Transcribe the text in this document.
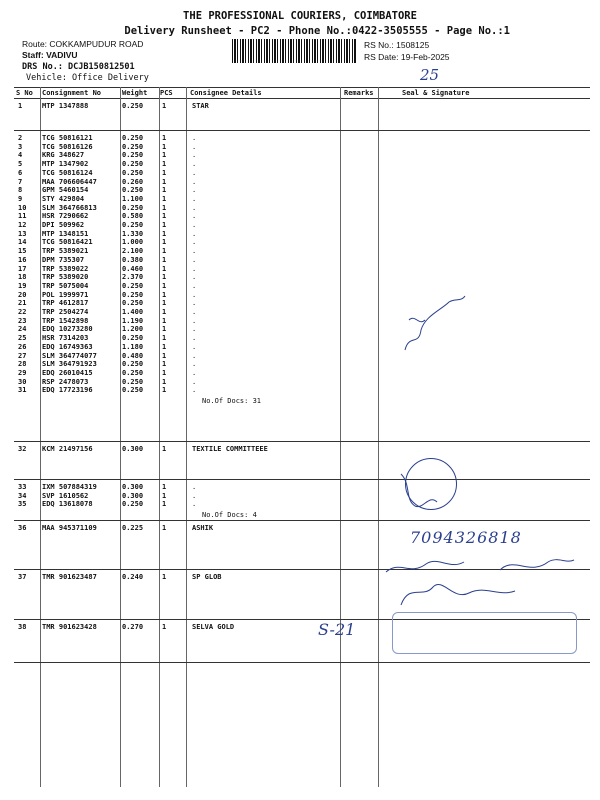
THE PROFESSIONAL COURIERS, COIMBATORE
Delivery Runsheet - PC2 - Phone No.:0422-3505555 - Page No.:1
Route: COKKAMPUDUR ROAD
Staff: VADIVU
DRS No.: DCJB150812501
Vehicle: Office Delivery
RS No.: 1508125
RS Date: 19-Feb-2025
25
S No Consignment No	Weight PCS Consignee Details	Remarks	Seal & Signature
1	MTP 1347888	0.250	1	STAR
2	TCG 50816121	0.250	1	.
3	TCG 50816126	0.250	1	.
4	KRG 348627	0.250	1	.
5	MTP 1347902	0.250	1	.
6	TCG 50816124	0.250	1	.
7	MAA 706606447	0.260	1	.
8	GPM 5460154	0.250	1	.
9	STY 429804	1.100	1	.
10 SLM 364766813	0.250	1	.
11 HSR 7290662	0.580	1	.
12 DPI 509962	0.250	1	.
13 MTP 1348151	1.330	1	.
14 TCG 50816421	1.000	1	.
15 TRP 5389021	2.100	1	.
16 DPM 735307	0.380	1	.
17 TRP 5389022	0.460	1	.
18 TRP 5389020	2.370	1	.
19 TRP 5075004	0.250	1	.
20 POL 1999971	0.250	1	.
21 TRP 4612817	0.250	1	.
22 TRP 2504274	1.400	1	.
23 TRP 1542898	1.190	1	.
24 EDQ 10273280	1.200	1	.
25 HSR 7314203	0.250	1	.
26 EDQ 16749363	1.180	1	.
27 SLM 364774077	0.480	1	.
28 SLM 364791923	0.250	1	.
29 EDQ 26010415	0.250	1	.
30 RSP 2478073	0.250	1	.
31 EDQ 17723196	0.250	1	.
No.Of Docs: 31
32 KCM 21497156	0.300	1	TEXTILE COMMITTEEE
33 IXM 507884319	0.300	1	.
34 SVP 1610562	0.300	1	.
35 EDQ 13618078	0.250	1	.
No.Of Docs: 4
36 MAA 945371109	0.225	1	ASHIK
37 TMR 901623487	0.240	1	SP GLOB
38 TMR 901623428	0.270	1	SELVA GOLD
7094326818
S-21
